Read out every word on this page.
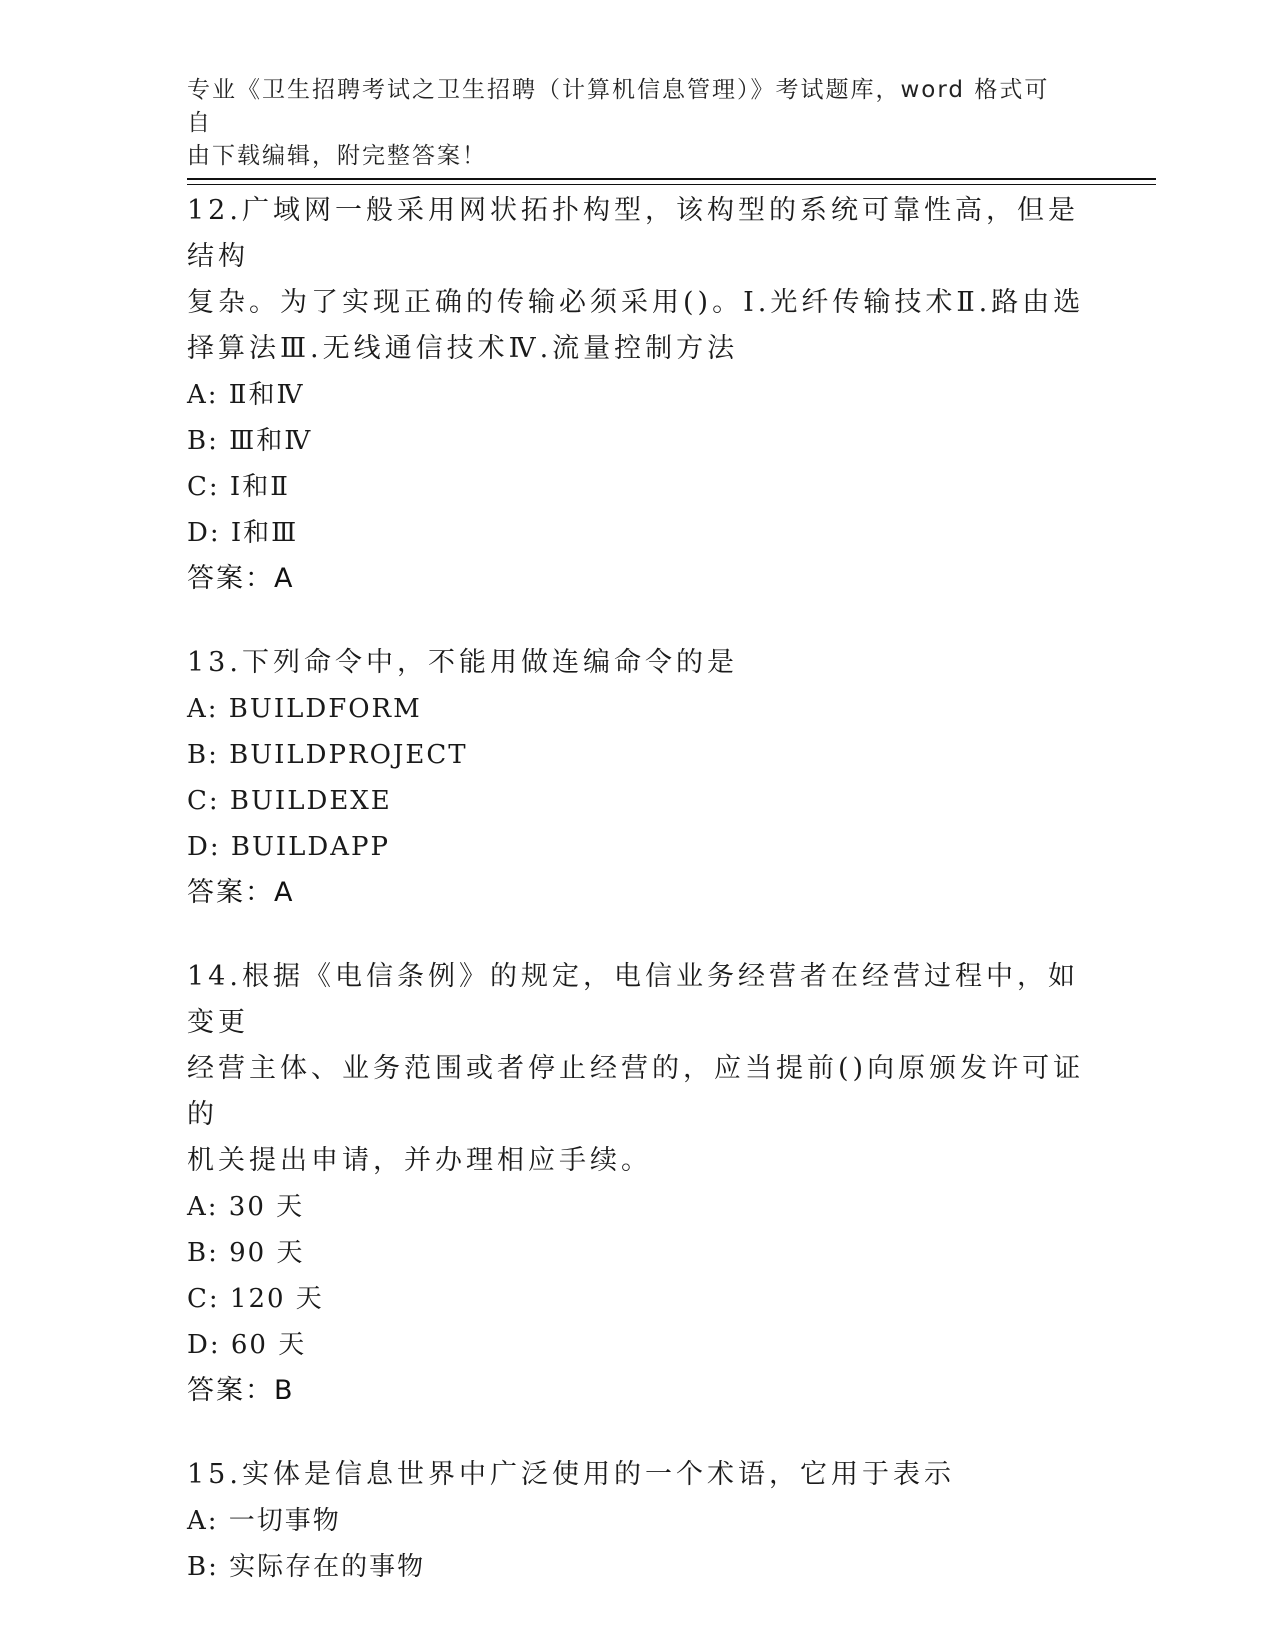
专业《卫生招聘考试之卫生招聘（计算机信息管理）》考试题库，word 格式可自
由下载编辑，附完整答案！

12.广域网一般采用网状拓扑构型，该构型的系统可靠性高，但是结构

复杂。为了实现正确的传输必须采用()。Ⅰ.光纤传输技术Ⅱ.路由选

择算法Ⅲ.无线通信技术Ⅳ.流量控制方法

A: Ⅱ和Ⅳ

B: Ⅲ和Ⅳ

C: Ⅰ和Ⅱ

D: Ⅰ和Ⅲ

答案：A

13.下列命令中，不能用做连编命令的是

A: BUILDFORM

B: BUILDPROJECT

C: BUILDEXE

D: BUILDAPP

答案：A

14.根据《电信条例》的规定，电信业务经营者在经营过程中，如变更

经营主体、业务范围或者停止经营的，应当提前()向原颁发许可证的

机关提出申请，并办理相应手续。

A: 30 天

B: 90 天

C: 120 天

D: 60 天

答案：B

15.实体是信息世界中广泛使用的一个术语，它用于表示

A: 一切事物

B: 实际存在的事物
